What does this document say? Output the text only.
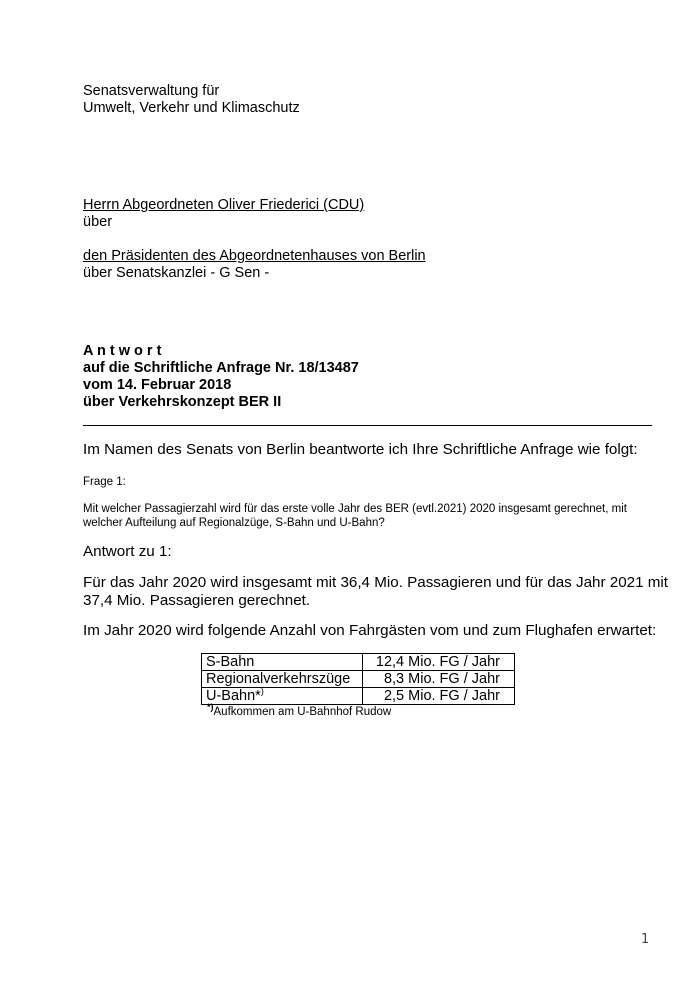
Senatsverwaltung für
Umwelt, Verkehr und Klimaschutz
Herrn Abgeordneten Oliver Friederici (CDU)
über
den Präsidenten des Abgeordnetenhauses von Berlin
über Senatskanzlei - G Sen -
A n t w o r t
auf die Schriftliche Anfrage Nr. 18/13487
vom 14. Februar 2018
über Verkehrskonzept BER II
Im Namen des Senats von Berlin beantworte ich Ihre Schriftliche Anfrage wie folgt:
Frage 1:
Mit welcher Passagierzahl wird für das erste volle Jahr des BER (evtl.2021) 2020 insgesamt gerechnet, mit
welcher Aufteilung auf Regionalzüge, S-Bahn und U-Bahn?
Antwort zu 1:
Für das Jahr 2020 wird insgesamt mit 36,4 Mio. Passagieren und für das Jahr 2021 mit
37,4 Mio. Passagieren gerechnet.
Im Jahr 2020 wird folgende Anzahl von Fahrgästen vom und zum Flughafen erwartet:
S-Bahn	12,4 Mio. FG / Jahr
Regionalverkehrszüge	8,3 Mio. FG / Jahr
U-Bahn*)	2,5 Mio. FG / Jahr
*)Aufkommen am U-Bahnhof Rudow
1
